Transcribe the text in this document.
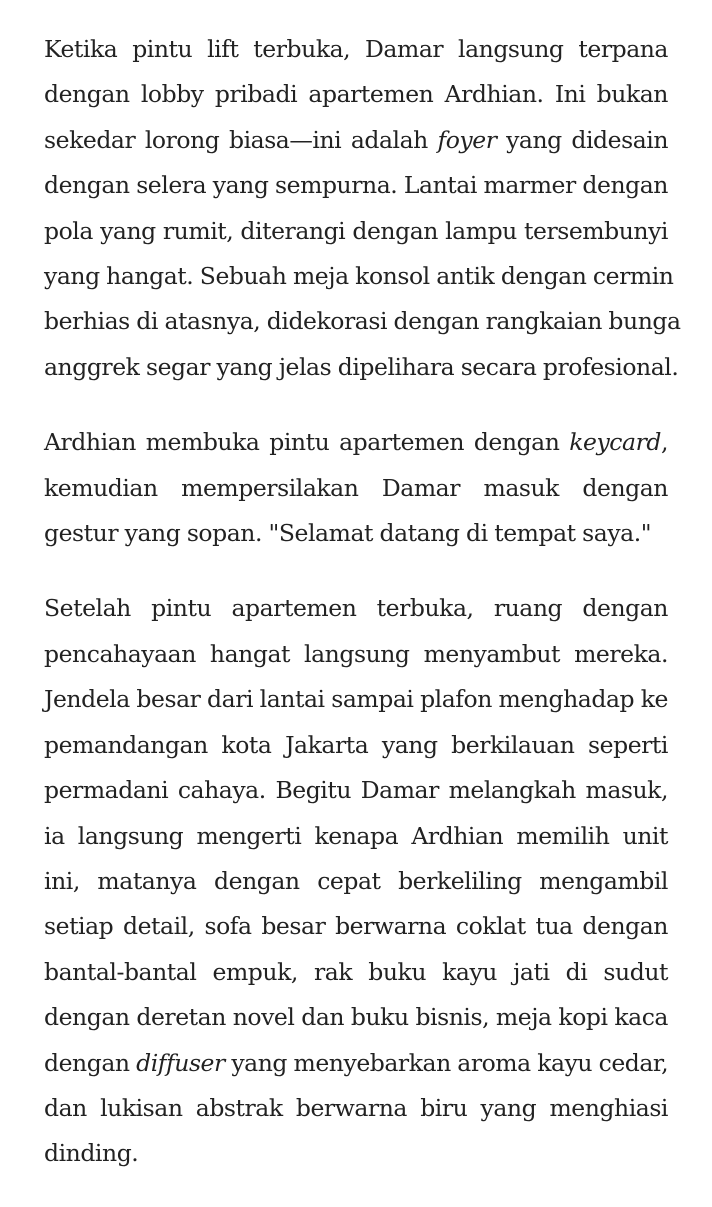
Ketika pintu lift terbuka, Damar langsung terpana
dengan lobby pribadi apartemen Ardhian. Ini bukan
sekedar lorong biasa—ini adalah foyer yang didesain
dengan selera yang sempurna. Lantai marmer dengan
pola yang rumit, diterangi dengan lampu tersembunyi
yang hangat. Sebuah meja konsol antik dengan cermin
berhias di atasnya, didekorasi dengan rangkaian bunga
anggrek segar yang jelas dipelihara secara profesional.

Ardhian membuka pintu apartemen dengan keycard,
kemudian mempersilakan Damar masuk dengan
gestur yang sopan. "Selamat datang di tempat saya."

Setelah pintu apartemen terbuka, ruang dengan
pencahayaan hangat langsung menyambut mereka.
Jendela besar dari lantai sampai plafon menghadap ke
pemandangan kota Jakarta yang berkilauan seperti
permadani cahaya. Begitu Damar melangkah masuk,
ia langsung mengerti kenapa Ardhian memilih unit
ini, matanya dengan cepat berkeliling mengambil
setiap detail, sofa besar berwarna coklat tua dengan
bantal-bantal empuk, rak buku kayu jati di sudut
dengan deretan novel dan buku bisnis, meja kopi kaca
dengan diffuser yang menyebarkan aroma kayu cedar,
dan lukisan abstrak berwarna biru yang menghiasi
dinding.
